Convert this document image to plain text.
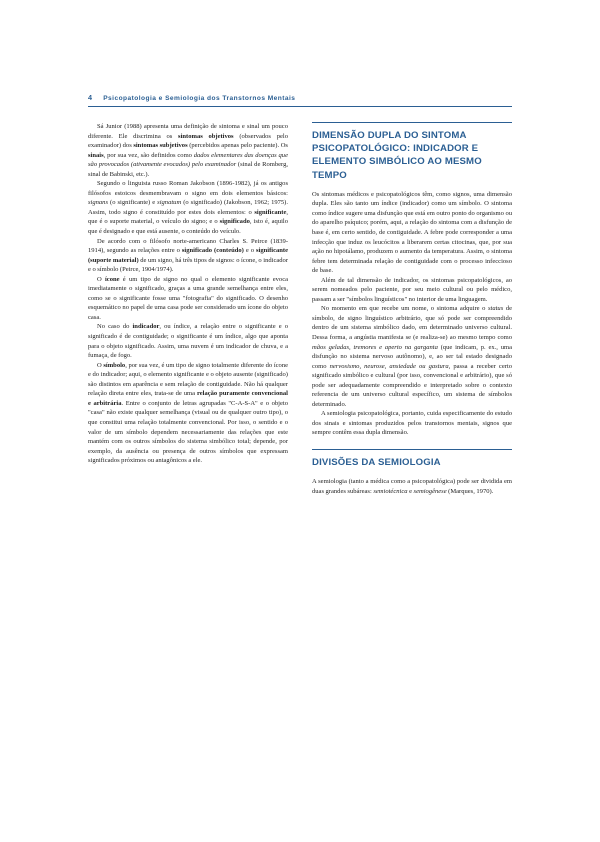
4 Psicopatologia e Semiologia dos Transtornos Mentais

Sá Junior (1988) apresenta uma definição de sintoma e sinal um pouco diferente. Ele discrimina os sintomas objetivos (observados pelo examinador) dos sintomas subjetivos (percebidos apenas pelo paciente). Os sinais, por sua vez, são definidos como dados elementares das doenças que são provocados (ativamente evocados) pelo examinador (sinal de Romberg, sinal de Babinski, etc.).

Segundo o linguista russo Roman Jakobson (1896-1982), já os antigos filósofos estoicos desmembravam o signo em dois elementos básicos: signans (o significante) e signatum (o significado) (Jakobson, 1962; 1975). Assim, todo signo é constituído por estes dois elementos: o significante, que é o suporte material, o veículo do signo; e o significado, isto é, aquilo que é designado e que está ausente, o conteúdo do veículo.

De acordo com o filósofo norte-americano Charles S. Peirce (1839-1914), segundo as relações entre o significado (conteúdo) e o significante (suporte material) de um signo, há três tipos de signos: o ícone, o indicador e o símbolo (Peirce, 1904/1974).

O ícone é um tipo de signo no qual o elemento significante evoca imediatamente o significado, graças a uma grande semelhança entre eles, como se o significante fosse uma "fotografia" do significado. O desenho esquemático no papel de uma casa pode ser considerado um ícone do objeto casa.

No caso do indicador, ou índice, a relação entre o significante e o significado é de contiguidade; o significante é um índice, algo que aponta para o objeto significado. Assim, uma nuvem é um indicador de chuva, e a fumaça, de fogo.

O símbolo, por sua vez, é um tipo de signo totalmente diferente do ícone e do indicador; aqui, o elemento significante e o objeto ausente (significado) são distintos em aparência e sem relação de contiguidade. Não há qualquer relação direta entre eles, trata-se de uma relação puramente convencional e arbitrária. Entre o conjunto de letras agrupadas "C-A-S-A" e o objeto "casa" não existe qualquer semelhança (visual ou de qualquer outro tipo), o que constitui uma relação totalmente convencional. Por isso, o sentido e o valor de um símbolo dependem necessariamente das relações que este mantém com os outros símbolos do sistema simbólico total; depende, por exemplo, da ausência ou presença de outros símbolos que expressam significados próximos ou antagônicos a ele.

DIMENSÃO DUPLA DO SINTOMA PSICOPATOLÓGICO: INDICADOR E ELEMENTO SIMBÓLICO AO MESMO TEMPO

Os sintomas médicos e psicopatológicos têm, como signos, uma dimensão dupla. Eles são tanto um índice (indicador) como um símbolo. O sintoma como índice sugere uma disfunção que está em outro ponto do organismo ou do aparelho psíquico; porém, aqui, a relação do sintoma com a disfunção de base é, em certo sentido, de contiguidade. A febre pode corresponder a uma infecção que induz os leucócitos a liberarem certas citocinas, que, por sua ação no hipotálamo, produzem o aumento da temperatura. Assim, o sintoma febre tem determinada relação de contiguidade com o processo infeccioso de base.

Além de tal dimensão de indicador, os sintomas psicopatológicos, ao serem nomeados pelo paciente, por seu meio cultural ou pelo médico, passam a ser "símbolos linguísticos" no interior de uma linguagem.

No momento em que recebe um nome, o sintoma adquire o status de símbolo, de signo linguístico arbitrário, que só pode ser compreendido dentro de um sistema simbólico dado, em determinado universo cultural. Dessa forma, a angústia manifesta se (e realiza-se) ao mesmo tempo como mãos geladas, tremores e aperto na garganta (que indicam, p. ex., uma disfunção no sistema nervoso autônomo), e, ao ser tal estado designado como nervosismo, neurose, ansiedade ou gastura, passa a receber certo significado simbólico e cultural (por isso, convencional e arbitrário), que só pode ser adequadamente compreendido e interpretado sobre o contexto referencia de um universo cultural específico, um sistema de símbolos determinado.

A semiologia psicopatológica, portanto, cuida especificamente do estudo dos sinais e sintomas produzidos pelos transtornos mentais, signos que sempre contêm essa dupla dimensão.

DIVISÕES DA SEMIOLOGIA

A semiologia (tanto a médica como a psicopatológica) pode ser dividida em duas grandes subáreas: semiotécnica e semiogênese (Marques, 1970).
